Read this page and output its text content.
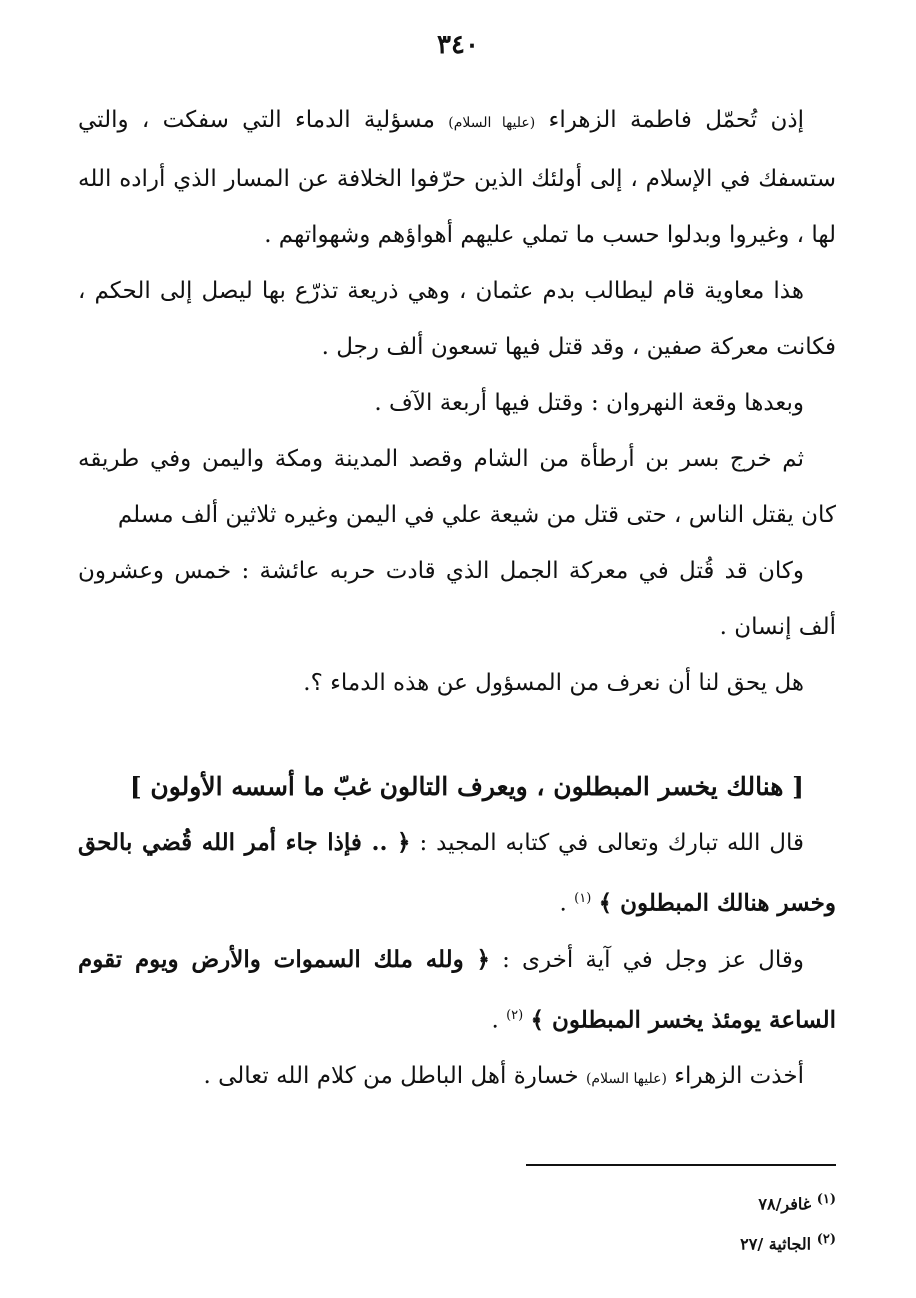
٣٤٠

إذن تُحمّل فاطمة الزهراء (عليها السلام) مسؤلية الدماء التي سفكت ، والتي ستسفك في الإسلام ، إلى أولئك الذين حرّفوا الخلافة عن المسار الذي أراده الله لها ، وغيروا وبدلوا حسب ما تملي عليهم أهواؤهم وشهواتهم .

هذا معاوية قام ليطالب بدم عثمان ، وهي ذريعة تذرّع بها ليصل إلى الحكم ، فكانت معركة صفين ، وقد قتل فيها تسعون ألف رجل .

وبعدها وقعة النهروان : وقتل فيها أربعة الآف .

ثم خرج بسر بن أرطأة من الشام وقصد المدينة ومكة واليمن وفي طريقه كان يقتل الناس ، حتى قتل من شيعة علي في اليمن وغيره ثلاثين ألف مسلم

وكان قد قُتل في معركة الجمل الذي قادت حربه عائشة : خمس وعشرون ألف إنسان .

هل يحق لنا أن نعرف من المسؤول عن هذه الدماء ؟.

[ هنالك يخسر المبطلون ، ويعرف التالون غبّ ما أسسه الأولون ]

قال الله تبارك وتعالى في كتابه المجيد : ﴿ .. فإذا جاء أمر الله قُضي بالحق وخسر هنالك المبطلون ﴾ $^{(١)}$ .

وقال عز وجل في آية أخرى : ﴿ ولله ملك السموات والأرض ويوم تقوم الساعة يومئذ يخسر المبطلون ﴾ $^{(٢)}$ .

أخذت الزهراء (عليها السلام) خسارة أهل الباطل من كلام الله تعالى .

$^{(١)}$ غافر/٧٨

$^{(٢)}$ الجاثية /٢٧
